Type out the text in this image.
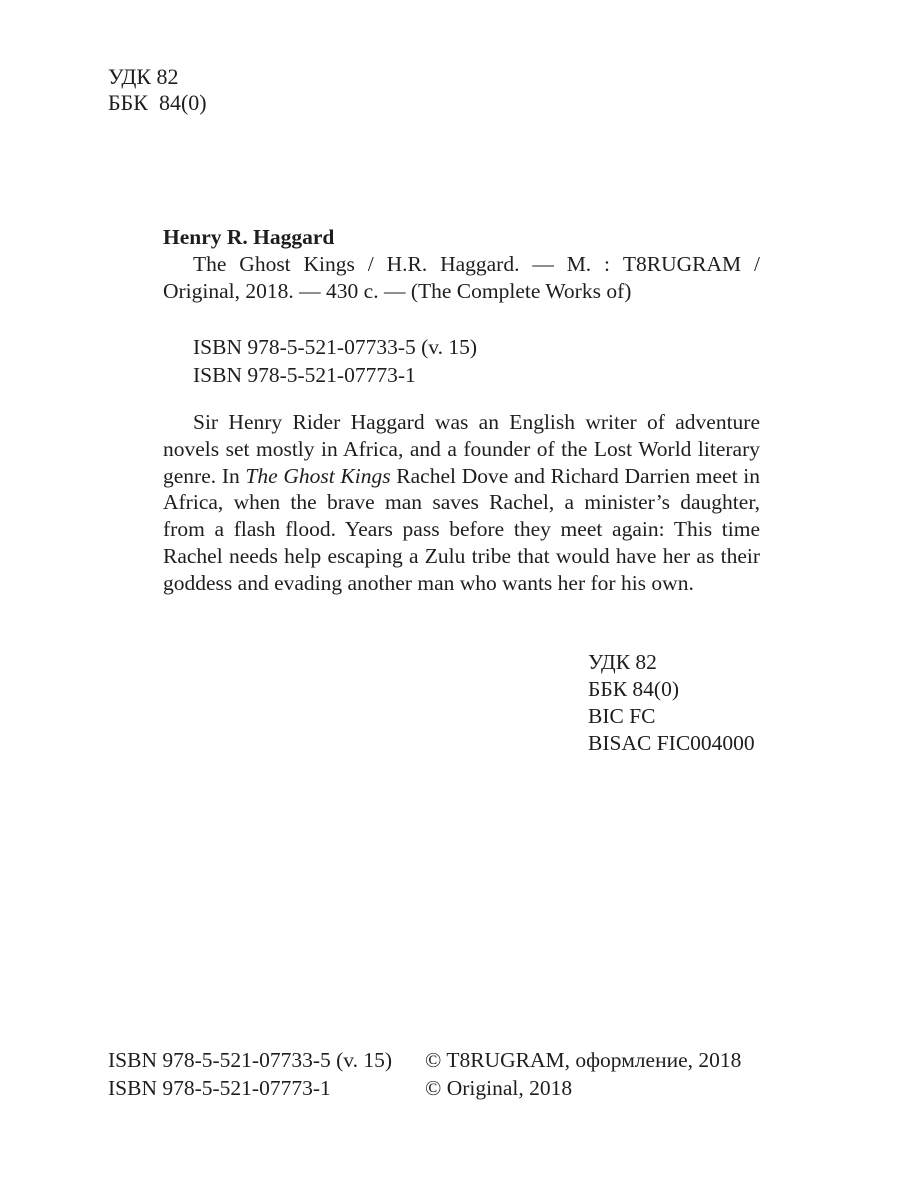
УДК 82
ББК  84(0)
Henry R. Haggard
The Ghost Kings / H.R. Haggard. — М. : T8RUGRAM /
Original, 2018. — 430 с. — (The Complete Works of)
ISBN 978-5-521-07733-5 (v. 15)
ISBN 978-5-521-07773-1
Sir Henry Rider Haggard was an English writer of adventure novels set mostly in Africa, and a founder of the Lost World literary genre. In The Ghost Kings Rachel Dove and Richard Darrien meet in Africa, when the brave man saves Rachel, a minister’s daughter, from a flash flood. Years pass before they meet again: This time Rachel needs help escaping a Zulu tribe that would have her as their goddess and evading another man who wants her for his own.
УДК 82
ББК 84(0)
BIC FC
BISAC FIC004000
ISBN 978-5-521-07733-5 (v. 15)
ISBN 978-5-521-07773-1
© T8RUGRAM, оформление, 2018
© Original, 2018
